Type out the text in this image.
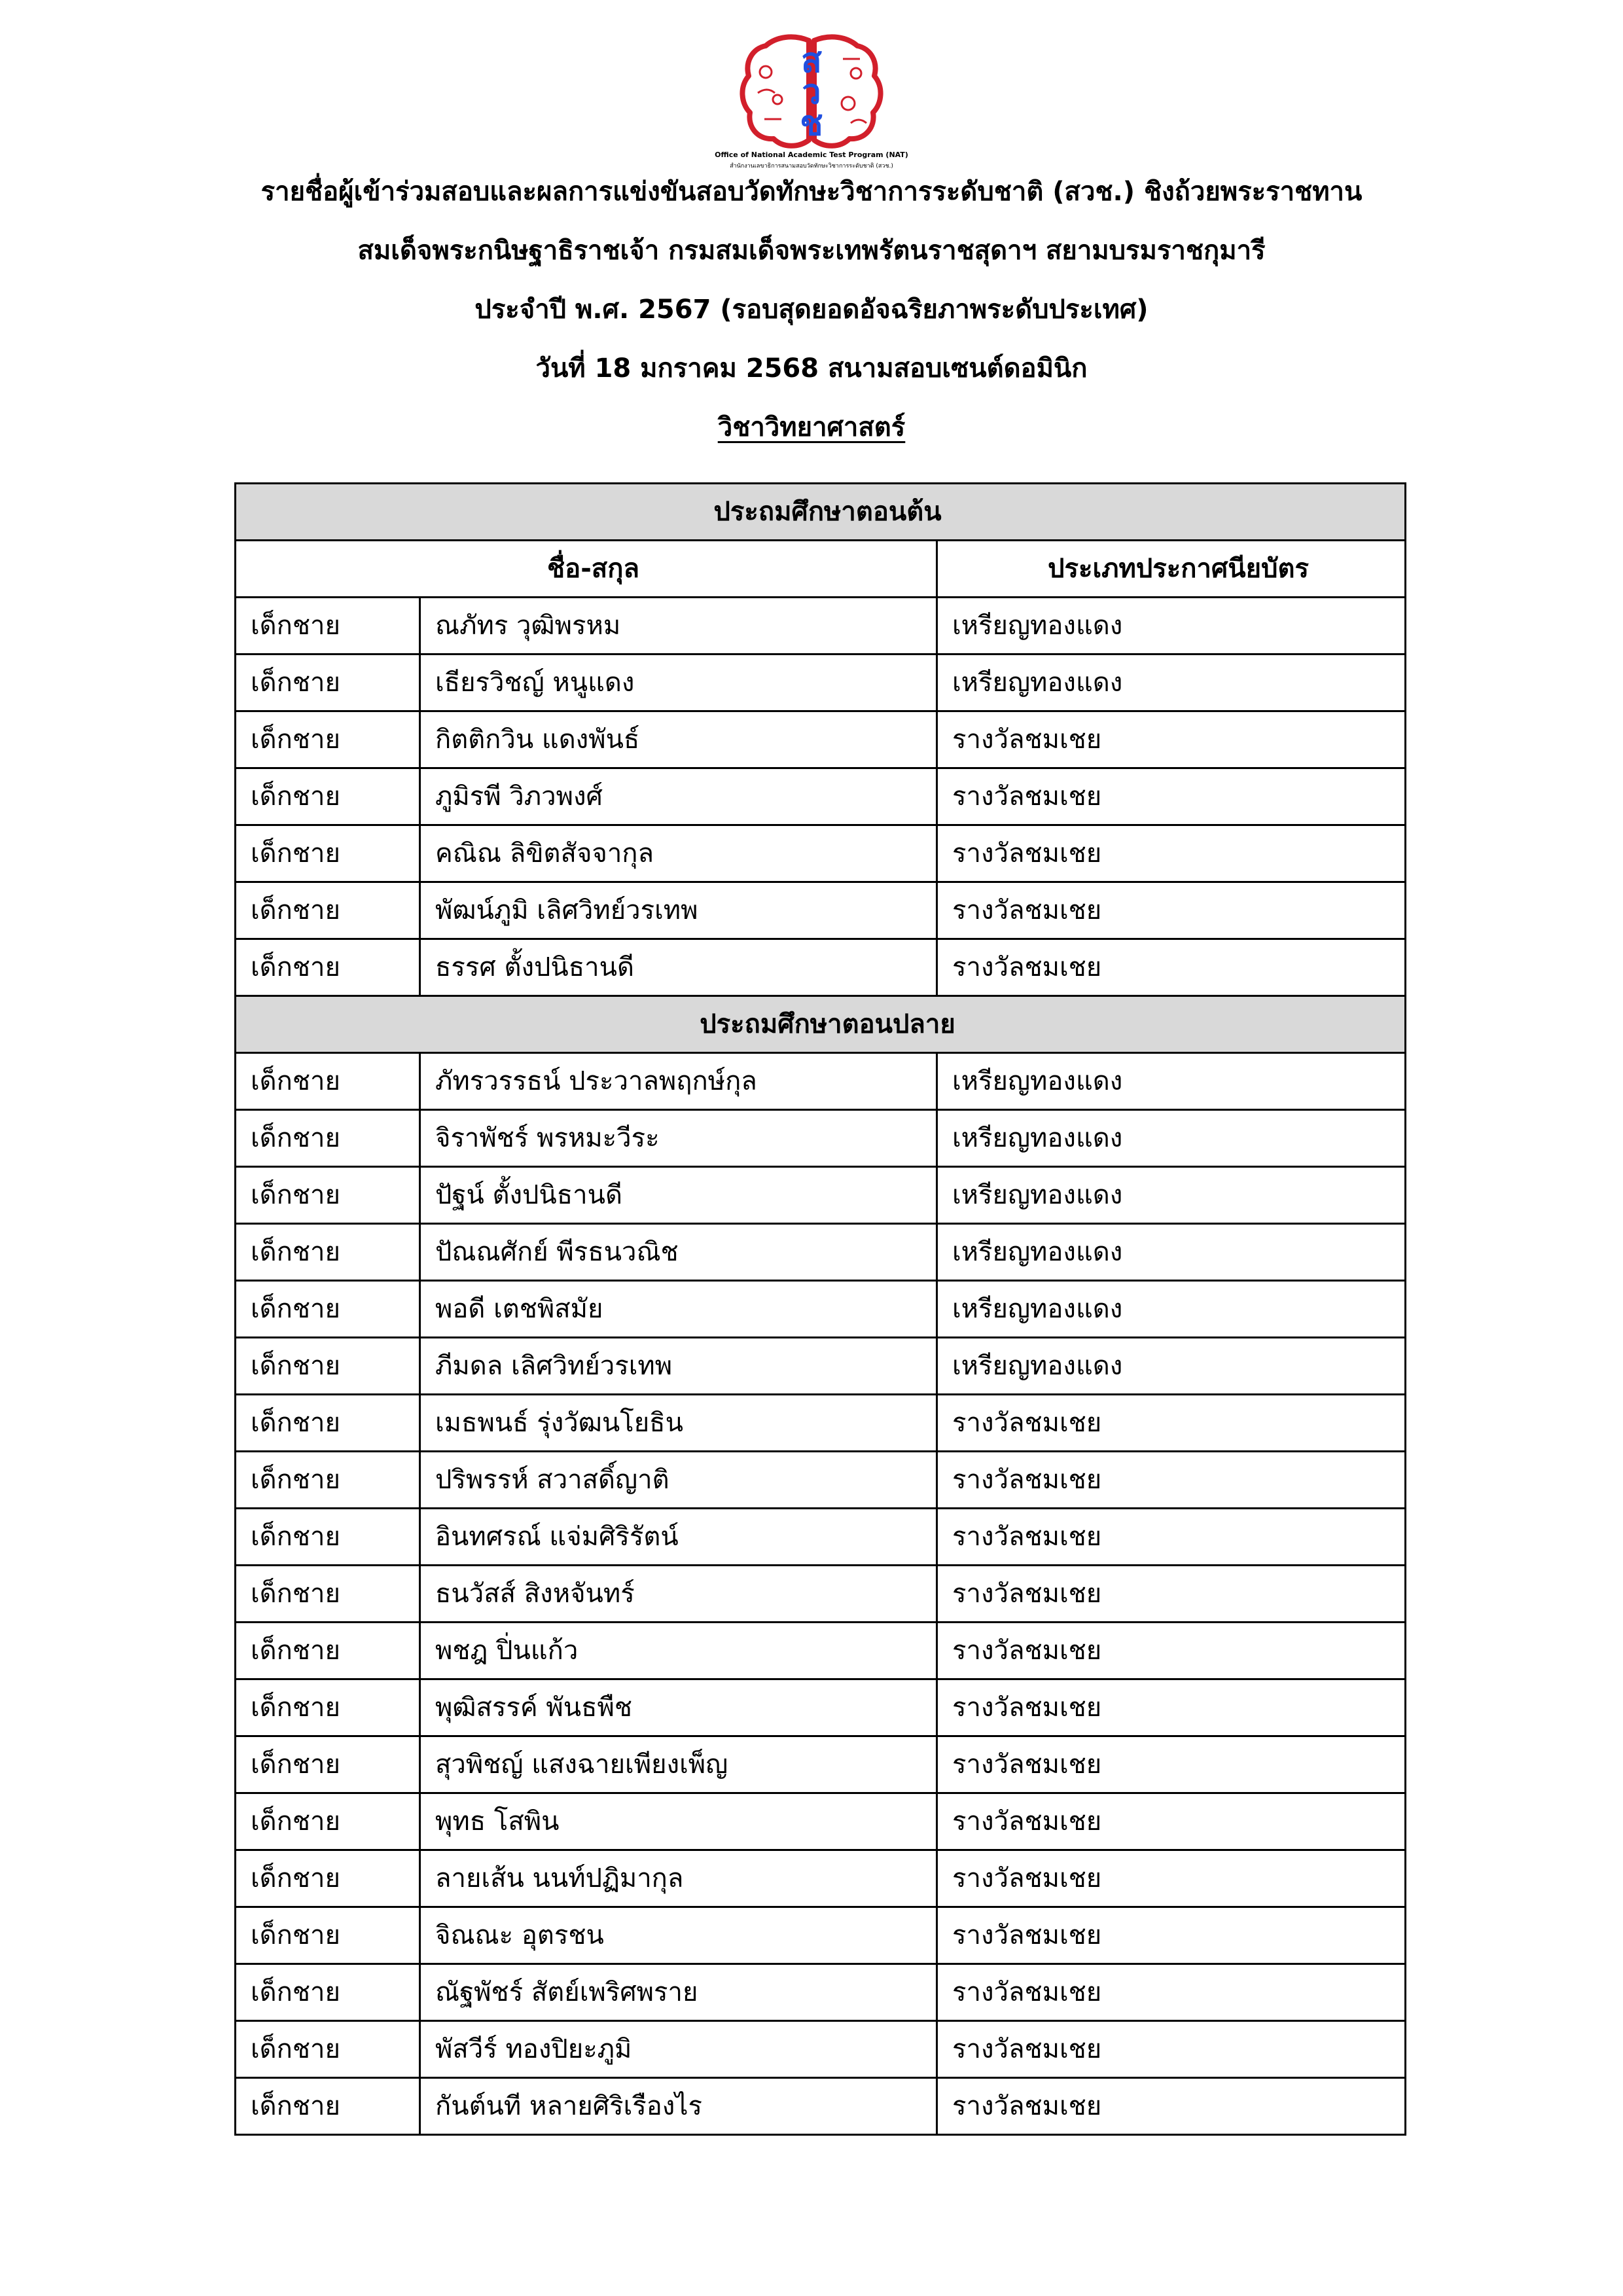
ส
ว
ช
Office of National Academic Test Program (NAT)
สำนักงานเลขาธิการสนามสอบวัดทักษะวิชาการระดับชาติ (สวช.)
รายชื่อผู้เข้าร่วมสอบและผลการแข่งขันสอบวัดทักษะวิชาการระดับชาติ (สวช.) ชิงถ้วยพระราชทาน
สมเด็จพระกนิษฐาธิราชเจ้า กรมสมเด็จพระเทพรัตนราชสุดาฯ สยามบรมราชกุมารี
ประจำปี พ.ศ. 2567 (รอบสุดยอดอัจฉริยภาพระดับประเทศ)
วันที่ 18 มกราคม 2568 สนามสอบเซนต์ดอมินิก
วิชาวิทยาศาสตร์
ประถมศึกษาตอนต้น		
ชื่อ-สกุล		ประเภทประกาศนียบัตร
เด็กชาย	ณภัทร วุฒิพรหม	เหรียญทองแดง
เด็กชาย	เธียรวิชญ์ หนูแดง	เหรียญทองแดง
เด็กชาย	กิตติกวิน แดงพันธ์	รางวัลชมเชย
เด็กชาย	ภูมิรพี วิภวพงศ์	รางวัลชมเชย
เด็กชาย	คณิณ ลิขิตสัจจากุล	รางวัลชมเชย
เด็กชาย	พัฒน์ภูมิ เลิศวิทย์วรเทพ	รางวัลชมเชย
เด็กชาย	ธรรศ ตั้งปนิธานดี	รางวัลชมเชย
ประถมศึกษาตอนปลาย		
เด็กชาย	ภัทรวรรธน์ ประวาลพฤกษ์กุล	เหรียญทองแดง
เด็กชาย	จิราพัชร์ พรหมะวีระ	เหรียญทองแดง
เด็กชาย	ปัฐน์ ตั้งปนิธานดี	เหรียญทองแดง
เด็กชาย	ปัณณศักย์ พีรธนวณิช	เหรียญทองแดง
เด็กชาย	พอดี เตชพิสมัย	เหรียญทองแดง
เด็กชาย	ภีมดล เลิศวิทย์วรเทพ	เหรียญทองแดง
เด็กชาย	เมธพนธ์ รุ่งวัฒนโยธิน	รางวัลชมเชย
เด็กชาย	ปริพรรห์ สวาสดิ์ญาติ	รางวัลชมเชย
เด็กชาย	อินทศรณ์ แจ่มศิริรัตน์	รางวัลชมเชย
เด็กชาย	ธนวัสส์ สิงหจันทร์	รางวัลชมเชย
เด็กชาย	พชฎ ปิ่นแก้ว	รางวัลชมเชย
เด็กชาย	พุฒิสรรค์ พันธพืช	รางวัลชมเชย
เด็กชาย	สุวพิชญ์ แสงฉายเพียงเพ็ญ	รางวัลชมเชย
เด็กชาย	พุทธ โสพิน	รางวัลชมเชย
เด็กชาย	ลายเส้น นนท์ปฏิมากุล	รางวัลชมเชย
เด็กชาย	จิณณะ อุตรชน	รางวัลชมเชย
เด็กชาย	ณัฐพัชร์ สัตย์เพริศพราย	รางวัลชมเชย
เด็กชาย	พัสวีร์ ทองปิยะภูมิ	รางวัลชมเชย
เด็กชาย	กันต์นที หลายศิริเรืองไร	รางวัลชมเชย
